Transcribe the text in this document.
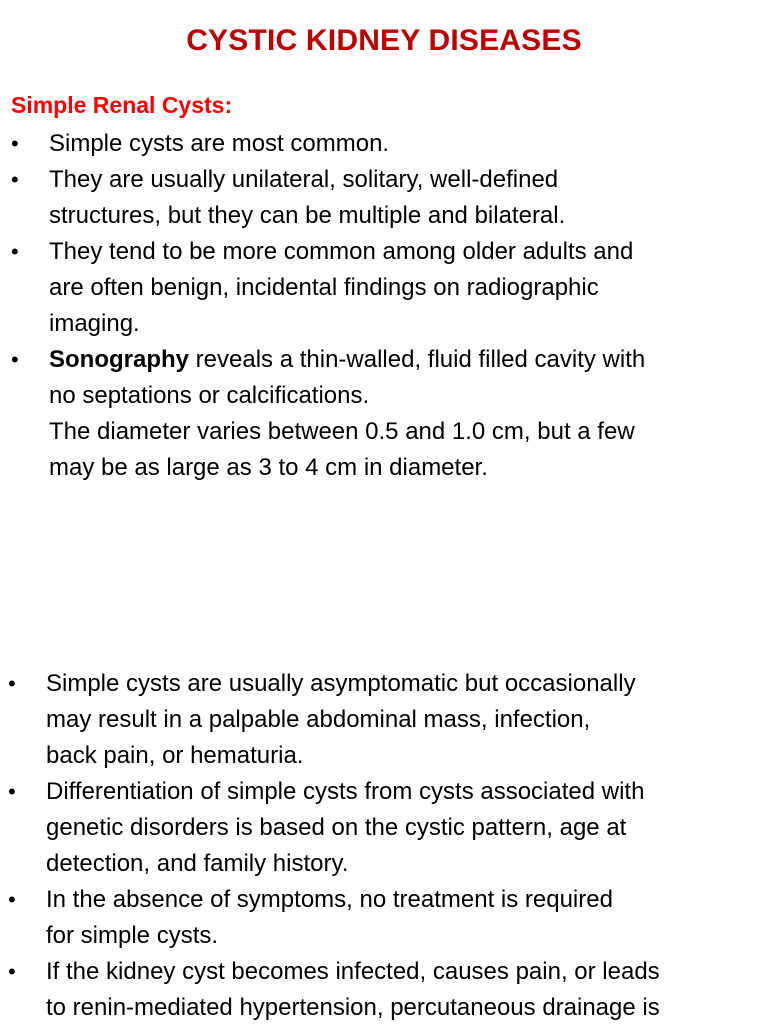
CYSTIC KIDNEY DISEASES
Simple Renal Cysts:
• Simple cysts are most common.
• They are usually unilateral, solitary, well-defined
structures, but they can be multiple and bilateral.
• They tend to be more common among older adults and
are often benign, incidental findings on radiographic
imaging.
• Sonography reveals a thin-walled, fluid filled cavity with
no septations or calcifications.
The diameter varies between 0.5 and 1.0 cm, but a few
may be as large as 3 to 4 cm in diameter.
• Simple cysts are usually asymptomatic but occasionally
may result in a palpable abdominal mass, infection,
back pain, or hematuria.
• Differentiation of simple cysts from cysts associated with
genetic disorders is based on the cystic pattern, age at
detection, and family history.
• In the absence of symptoms, no treatment is required
for simple cysts.
• If the kidney cyst becomes infected, causes pain, or leads
to renin-mediated hypertension, percutaneous drainage is
